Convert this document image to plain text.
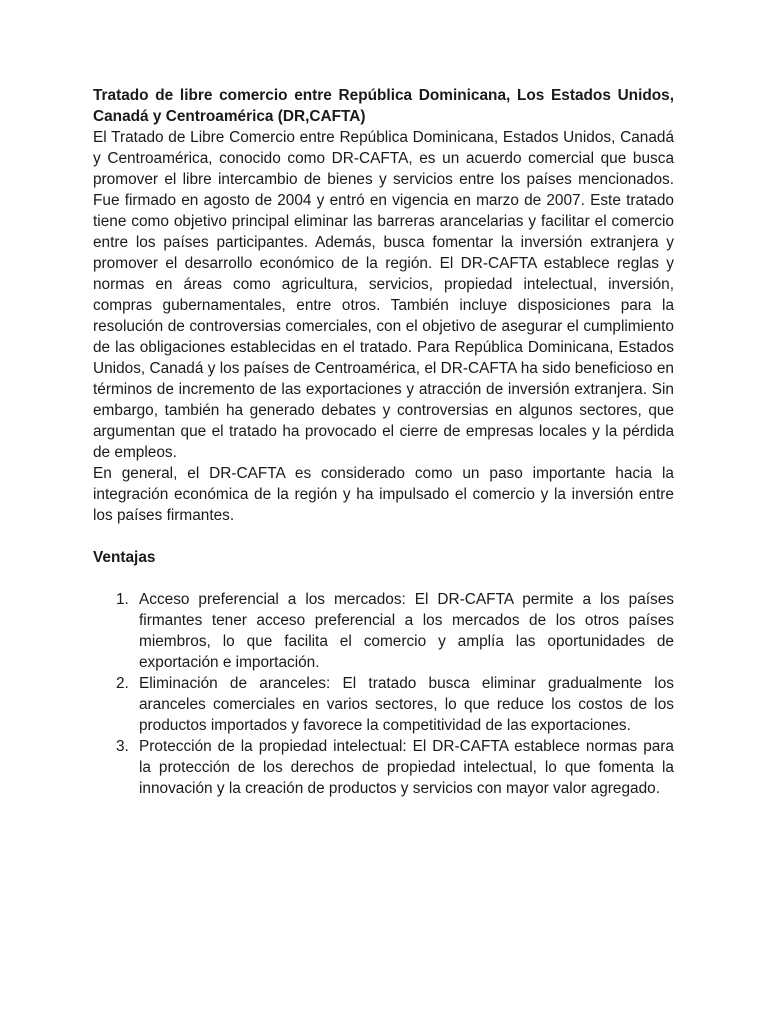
Tratado de libre comercio entre República Dominicana, Los Estados Unidos, Canadá y Centroamérica (DR,CAFTA)

El Tratado de Libre Comercio entre República Dominicana, Estados Unidos, Canadá y Centroamérica, conocido como DR-CAFTA, es un acuerdo comercial que busca promover el libre intercambio de bienes y servicios entre los países mencionados. Fue firmado en agosto de 2004 y entró en vigencia en marzo de 2007. Este tratado tiene como objetivo principal eliminar las barreras arancelarias y facilitar el comercio entre los países participantes. Además, busca fomentar la inversión extranjera y promover el desarrollo económico de la región. El DR-CAFTA establece reglas y normas en áreas como agricultura, servicios, propiedad intelectual, inversión, compras gubernamentales, entre otros. También incluye disposiciones para la resolución de controversias comerciales, con el objetivo de asegurar el cumplimiento de las obligaciones establecidas en el tratado. Para República Dominicana, Estados Unidos, Canadá y los países de Centroamérica, el DR-CAFTA ha sido beneficioso en términos de incremento de las exportaciones y atracción de inversión extranjera. Sin embargo, también ha generado debates y controversias en algunos sectores, que argumentan que el tratado ha provocado el cierre de empresas locales y la pérdida de empleos.

En general, el DR-CAFTA es considerado como un paso importante hacia la integración económica de la región y ha impulsado el comercio y la inversión entre los países firmantes.

Ventajas

1. Acceso preferencial a los mercados: El DR-CAFTA permite a los países firmantes tener acceso preferencial a los mercados de los otros países miembros, lo que facilita el comercio y amplía las oportunidades de exportación e importación.
2. Eliminación de aranceles: El tratado busca eliminar gradualmente los aranceles comerciales en varios sectores, lo que reduce los costos de los productos importados y favorece la competitividad de las exportaciones.
3. Protección de la propiedad intelectual: El DR-CAFTA establece normas para la protección de los derechos de propiedad intelectual, lo que fomenta la innovación y la creación de productos y servicios con mayor valor agregado.
